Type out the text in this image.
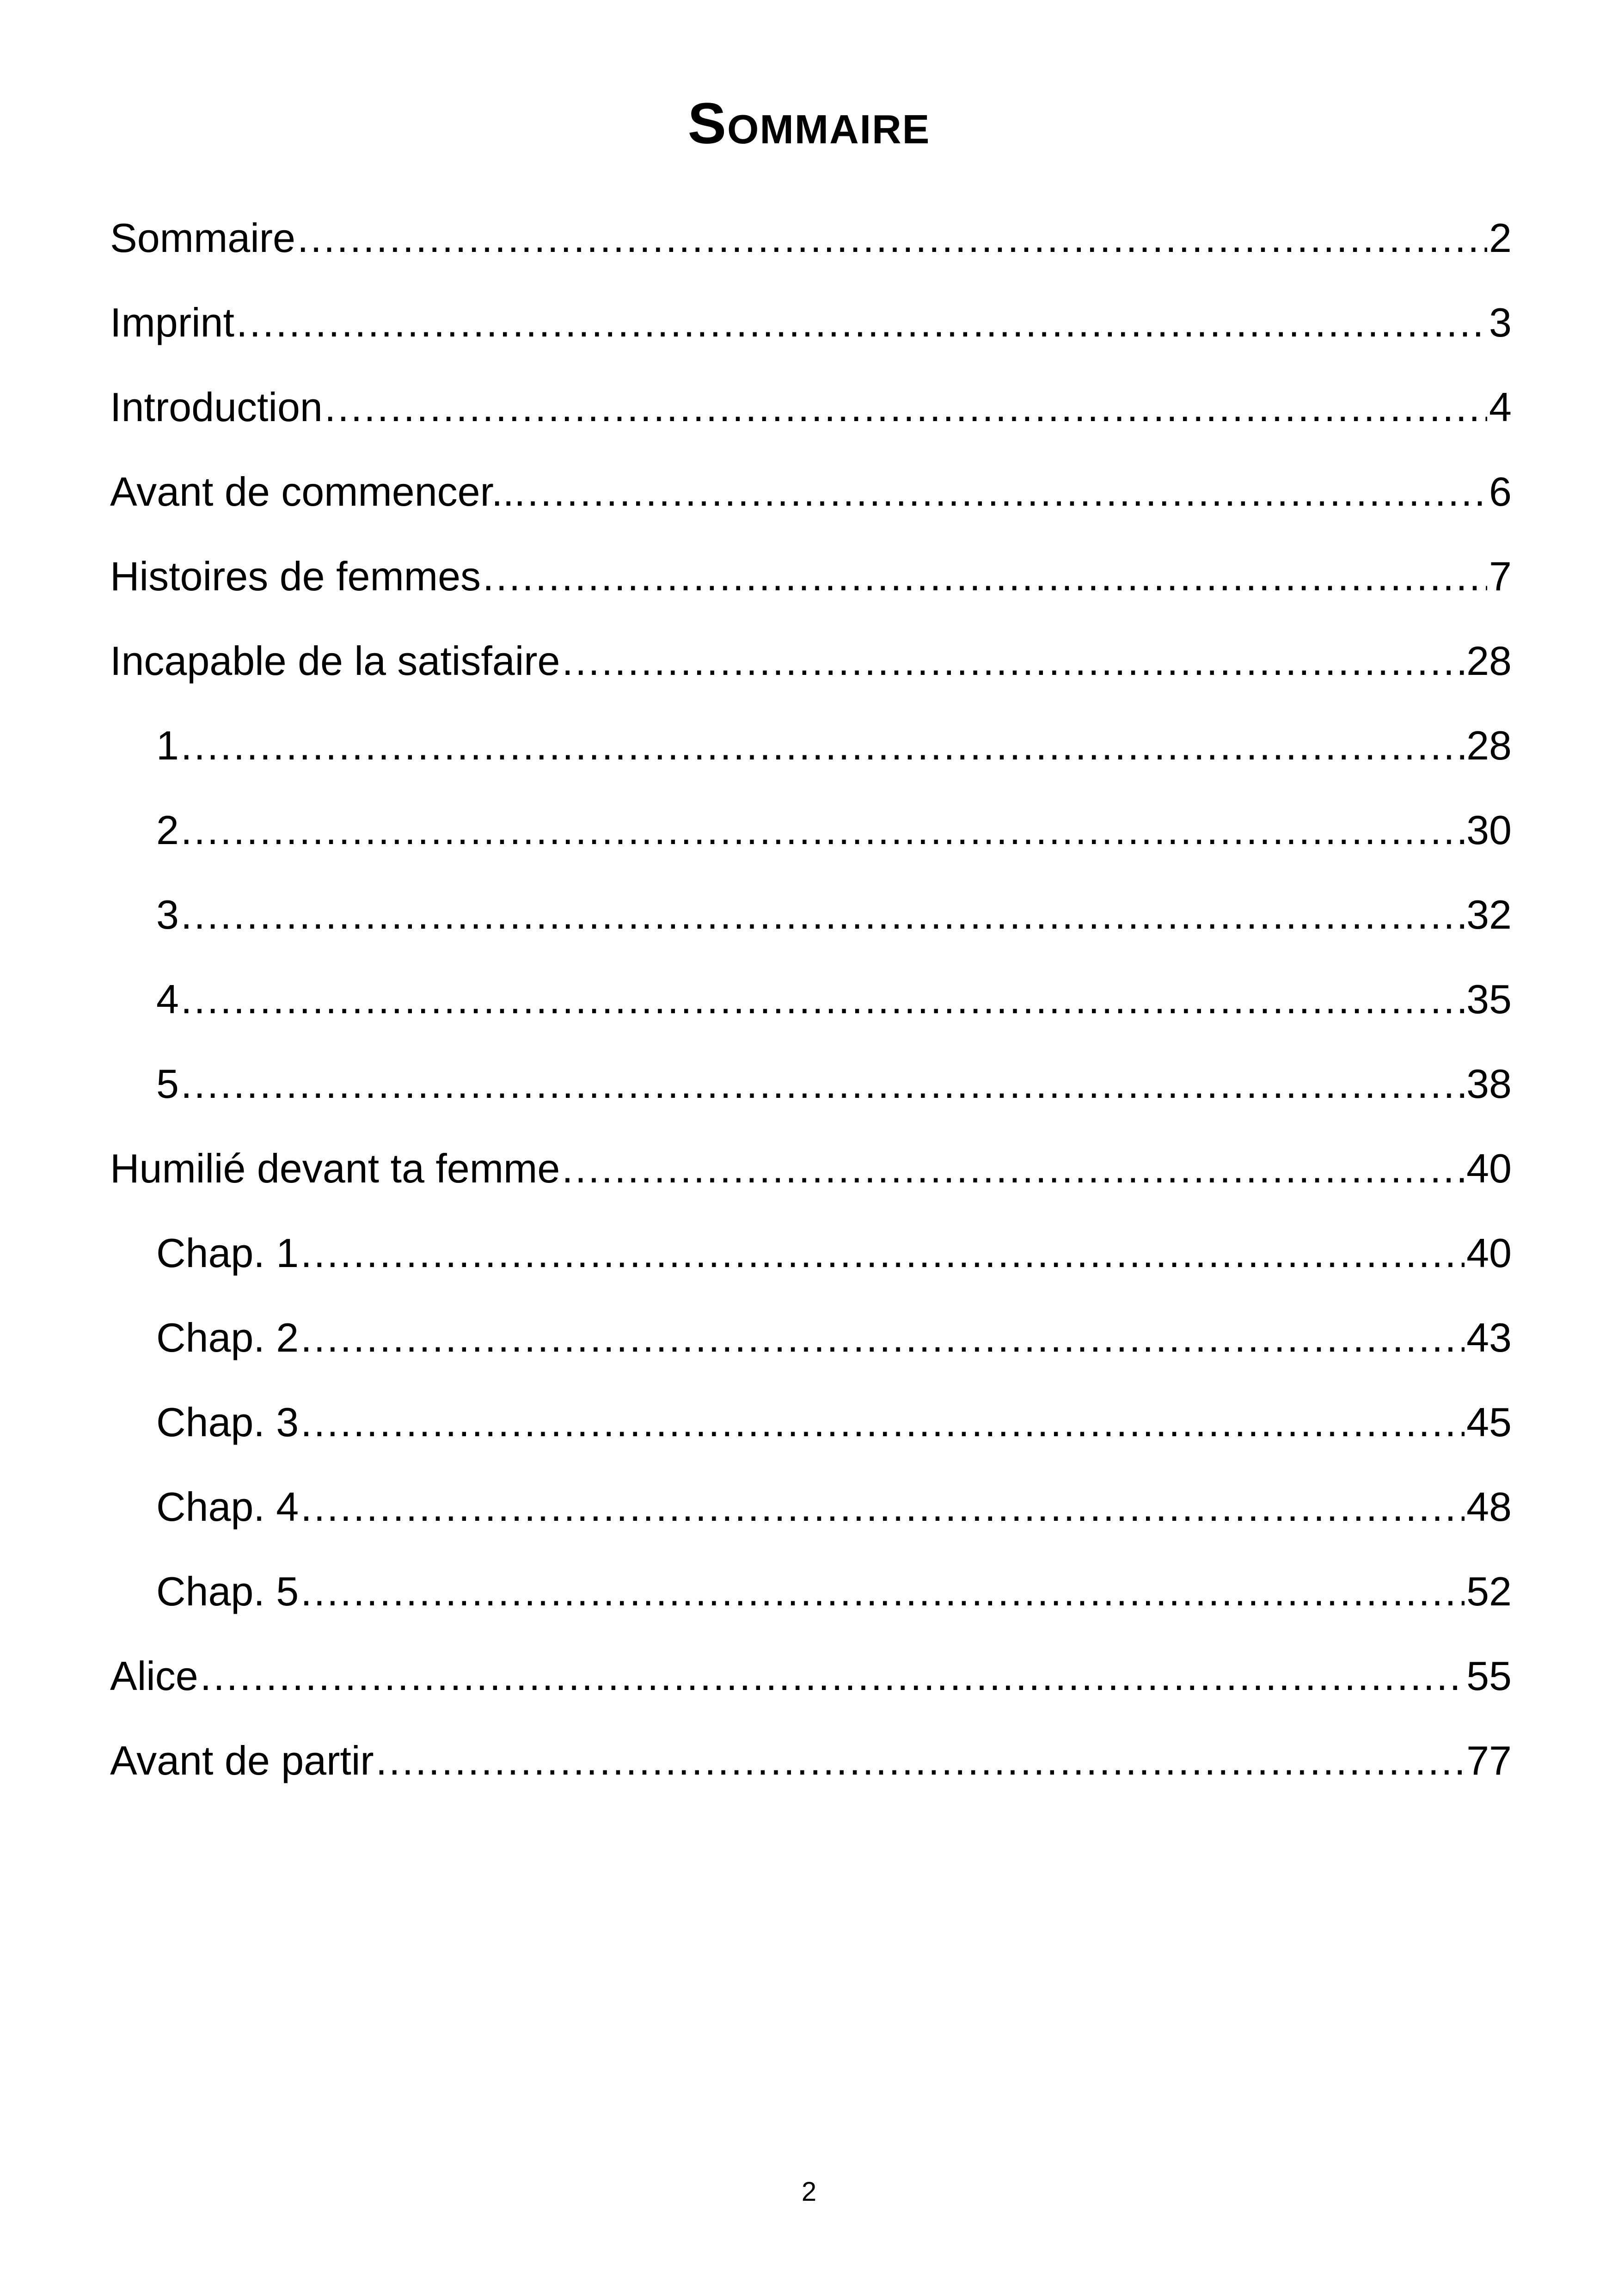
Sommaire
Sommaire .....	2
Imprint .....	3
Introduction .....	4
Avant de commencer... .....	6
Histoires de femmes .....	7
Incapable de la satisfaire .....	28
1 .....	28
2 .....	30
3 .....	32
4 .....	35
5 .....	38
Humilié devant ta femme .....	40
Chap. 1 .....	40
Chap. 2 .....	43
Chap. 3 .....	45
Chap. 4 .....	48
Chap. 5 .....	52
Alice .....	55
Avant de partir .....	77
2
